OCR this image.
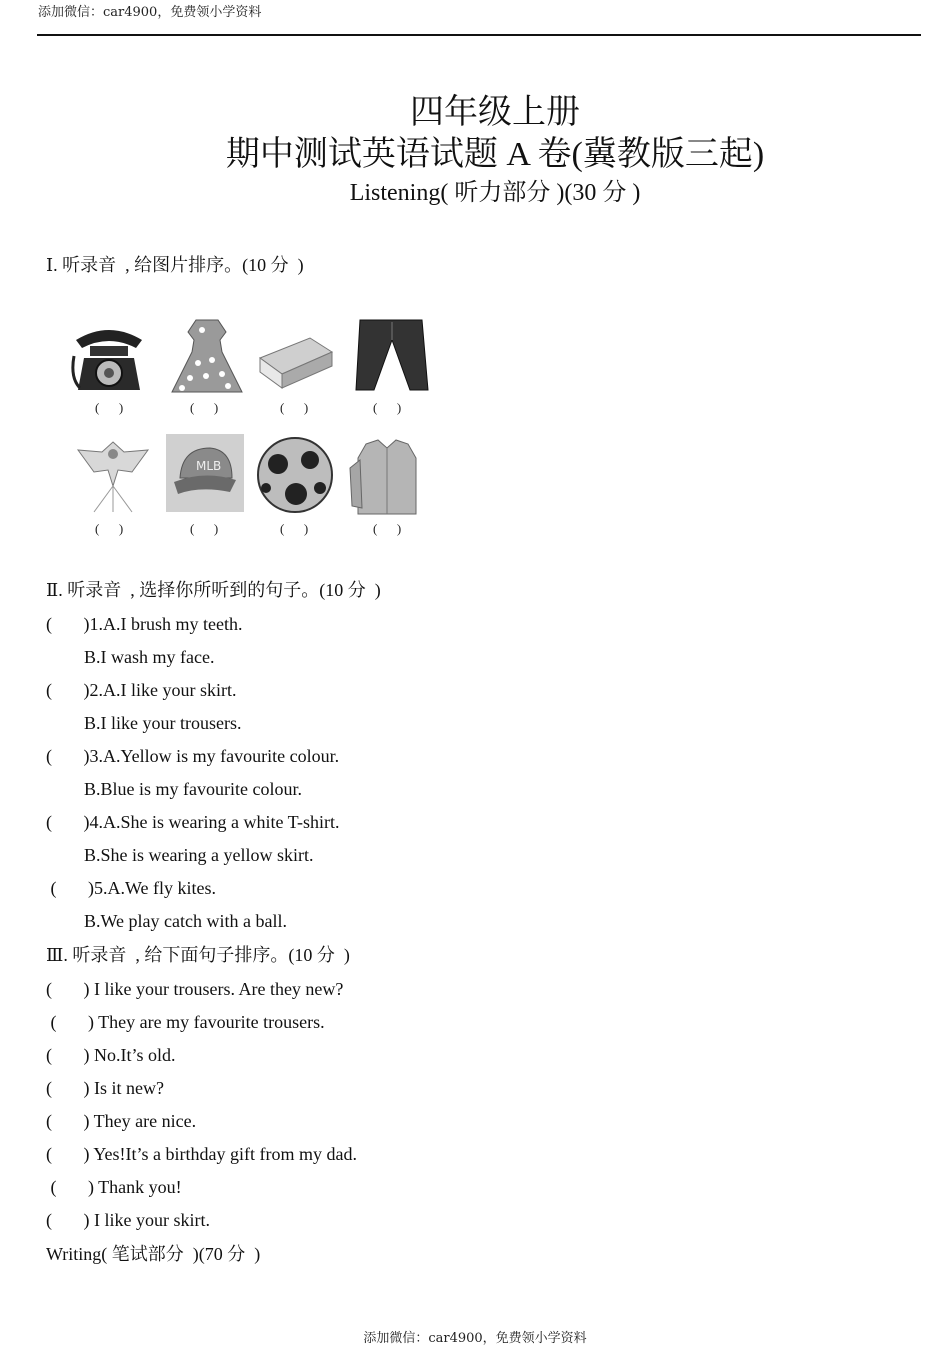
添加微信：car4900，免费领小学资料
四年级上册
期中测试英语试题 A 卷(冀教版三起)
Listening( 听力部分 )(30 分 )
Ⅰ. 听录音  , 给图片排序。(10 分  )
(      )	(      )	(      )	(      )
MLB
(      )	(      )	(      )	(      )
Ⅱ. 听录音  , 选择你所听到的句子。(10 分  )
(       )1.A.I brush my teeth.
B.I wash my face.
(       )2.A.I like your skirt.
B.I like your trousers.
(       )3.A.Yellow is my favourite colour.
B.Blue is my favourite colour.
(       )4.A.She is wearing a white T-shirt.
B.She is wearing a yellow skirt.
(       )5.A.We fly kites.
B.We play catch with a ball.
Ⅲ. 听录音  , 给下面句子排序。(10 分  )
(       ) I like your trousers. Are they new?
(       ) They are my favourite trousers.
(       ) No.It’s old.
(       ) Is it new?
(       ) They are nice.
(       ) Yes!It’s a birthday gift from my dad.
(       ) Thank you!
(       ) I like your skirt.
Writing( 笔试部分  )(70 分  )
添加微信：car4900，免费领小学资料
